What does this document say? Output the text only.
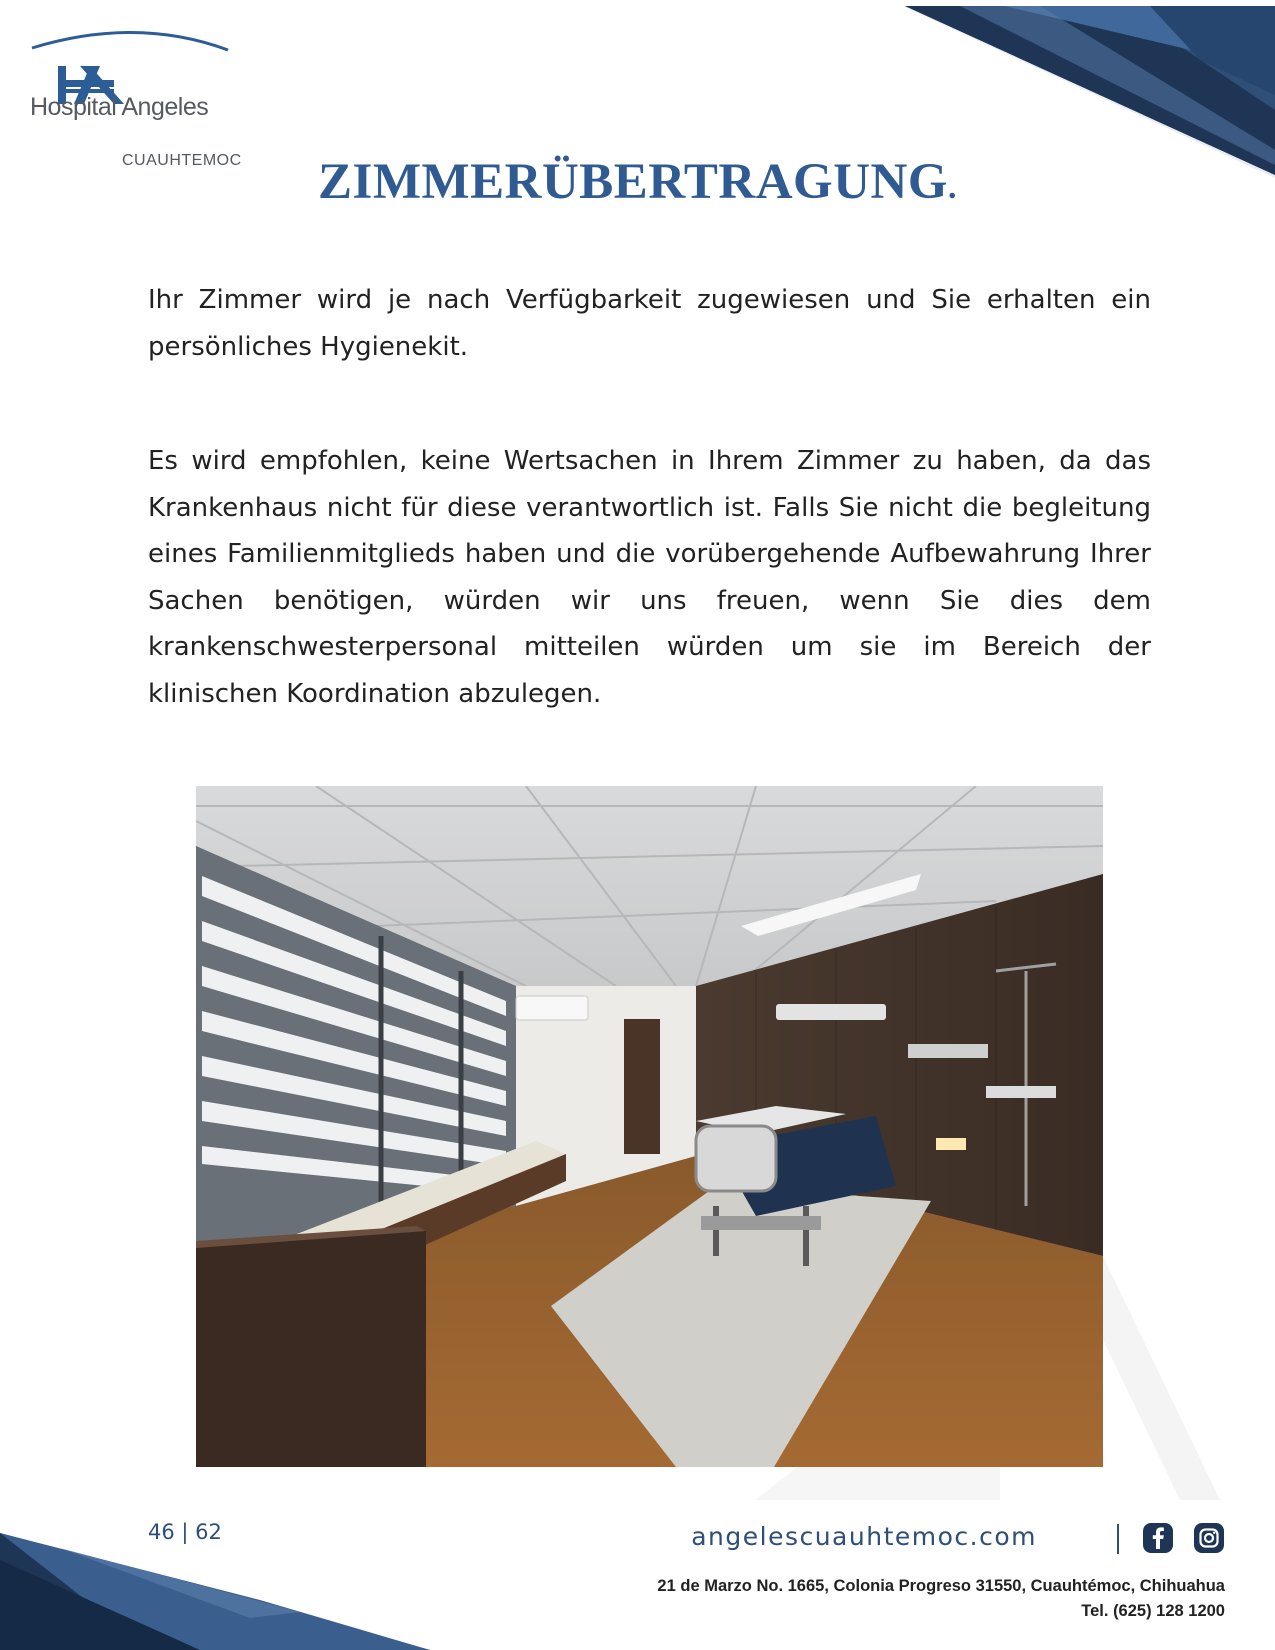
Hospital Angeles
CUAUHTEMOC	ZIMMERÜBERTRAGUNG.

Ihr Zimmer wird je nach Verfügbarkeit zugewiesen und Sie erhalten ein persönliches Hygienekit.

Es wird empfohlen, keine Wertsachen in Ihrem Zimmer zu haben, da das Krankenhaus nicht für diese verantwortlich ist. Falls Sie nicht die begleitung eines Familienmitglieds haben und die vorübergehende Aufbewahrung Ihrer Sachen benötigen, würden wir uns freuen, wenn Sie dies dem krankenschwesterpersonal mitteilen würden um sie im Bereich der klinischen Koordination abzulegen.

46 | 62	angelescuauhtemoc.com
21 de Marzo No. 1665, Colonia Progreso 31550, Cuauhtémoc, Chihuahua
Tel. (625) 128 1200
